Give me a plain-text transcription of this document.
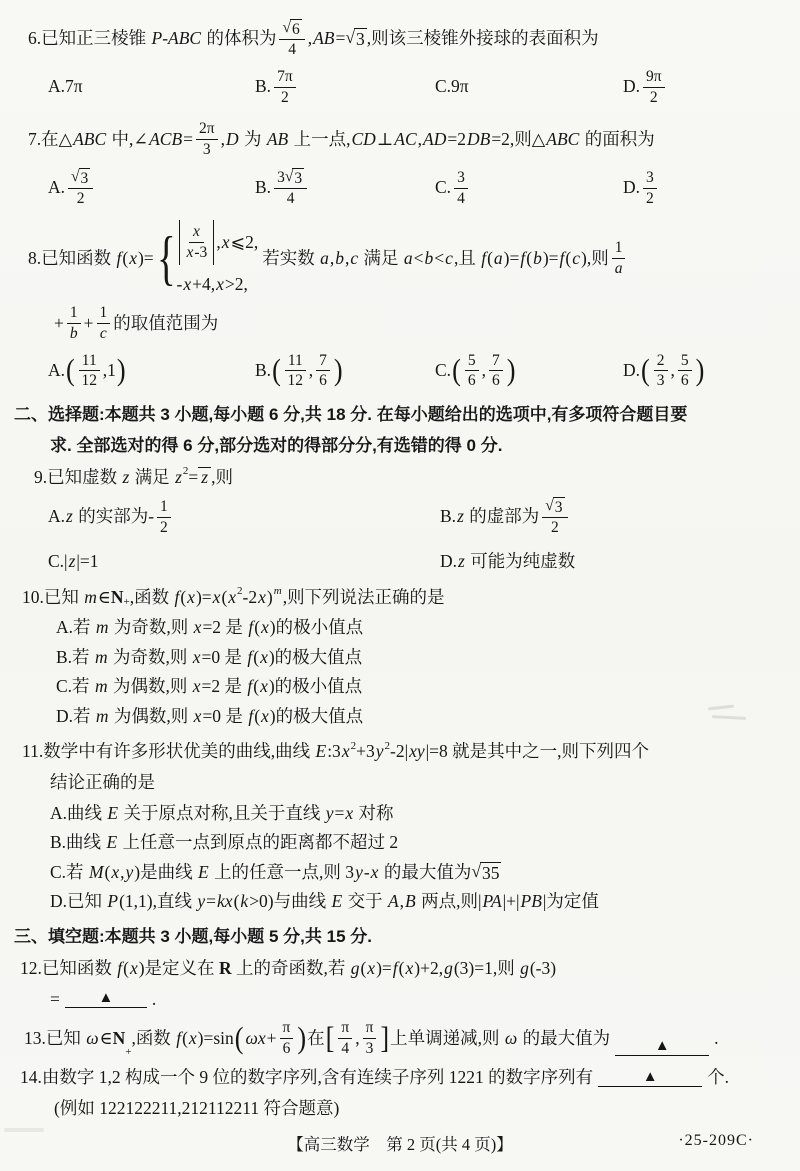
6.已知正三棱锥 P-ABC 的体积为 $\frac{√ 6}{4}$ , AB = √ 3 ,则该三棱锥外接球的表面积为
A.7π	B. $\frac{7\pi}{2}$	C.9π	D. $\frac{9\pi}{2}$
7.在△ ABC 中,∠ ACB = $\frac{2\pi}{3}$ , D 为 AB 上一点, CD ⊥ AC , AD =2 DB =2,则△ ABC 的面积为
A. $\frac{√ 3}{2}$	B. $\frac{3 √ 3}{4}$	C. $\frac{3}{4}$	D. $\frac{3}{2}$
8.已知函数 f ( x )= { $\frac{x}{x -3}$ , x ⩽2,
- x +4, x >2,
若实数 a , b , c 满足 a < b < c ,且 f ( a )= f ( b )= f ( c ),则 $\frac{1}{a}$
+ $\frac{1}{b} + \frac{1}{c}$ 的取值范围为
A. ( $\frac{11}{12} ,1$ )	B. ( $\frac{11}{12}$ , $\frac{7}{6}$ )	C. ( $\frac{5}{6}$ , $\frac{7}{6}$ )	D. ( $\frac{2}{3}$ , $\frac{5}{6}$ )
二、选择题:本题共 3 小题,每小题 6 分,共 18 分. 在每小题给出的选项中,有多项符合题目要
求. 全部选对的得 6 分,部分选对的得部分分,有选错的得 0 分.
9.已知虚数 z 满足 z 2 = z ,则
A. z 的实部为- $\frac{1}{2}$	B. z 的虚部为 $\frac{√ 3}{2}$
C.| z |=1	D. z 可能为纯虚数
10.已知 m ∈ N + ,函数 f ( x )= x ( x 2 -2 x ) m ,则下列说法正确的是
A.若 m 为奇数,则 x =2 是 f ( x )的极小值点
B.若 m 为奇数,则 x =0 是 f ( x )的极大值点
C.若 m 为偶数,则 x =2 是 f ( x )的极小值点
D.若 m 为偶数,则 x =0 是 f ( x )的极大值点
11.数学中有许多形状优美的曲线,曲线 E :3 x 2 +3 y 2 -2| xy |=8 就是其中之一,则下列四个
结论正确的是
A.曲线 E 关于原点对称,且关于直线 y = x 对称
B.曲线 E 上任意一点到原点的距离都不超过 2
C.若 M ( x , y )是曲线 E 上的任意一点,则 3 y - x 的最大值为 √ 35
D.已知 P (1,1),直线 y = kx ( k >0)与曲线 E 交于 A , B 两点,则| PA |+| PB |为定值
三、填空题:本题共 3 小题,每小题 5 分,共 15 分.
12.已知函数 f ( x )是定义在 R 上的奇函数,若 g ( x )= f ( x )+2, g (3)=1,则 g (-3)
=	▲	.
13.已知 ω ∈ N
+
,函数 f ( x )=sin ( $\omega x + \frac{\pi}{6}$ ) 在 [ $\frac{\pi}{4}$ , $\frac{\pi}{3}$ ] 上单调递减,则 ω 的最大值为	▲	.
14.由数字 1,2 构成一个 9 位的数字序列,含有连续子序列 1221 的数字序列有	▲	个.
(例如 122122211,212112211 符合题意)
【高三数学　第 2 页(共 4 页)】	·25-209C·
